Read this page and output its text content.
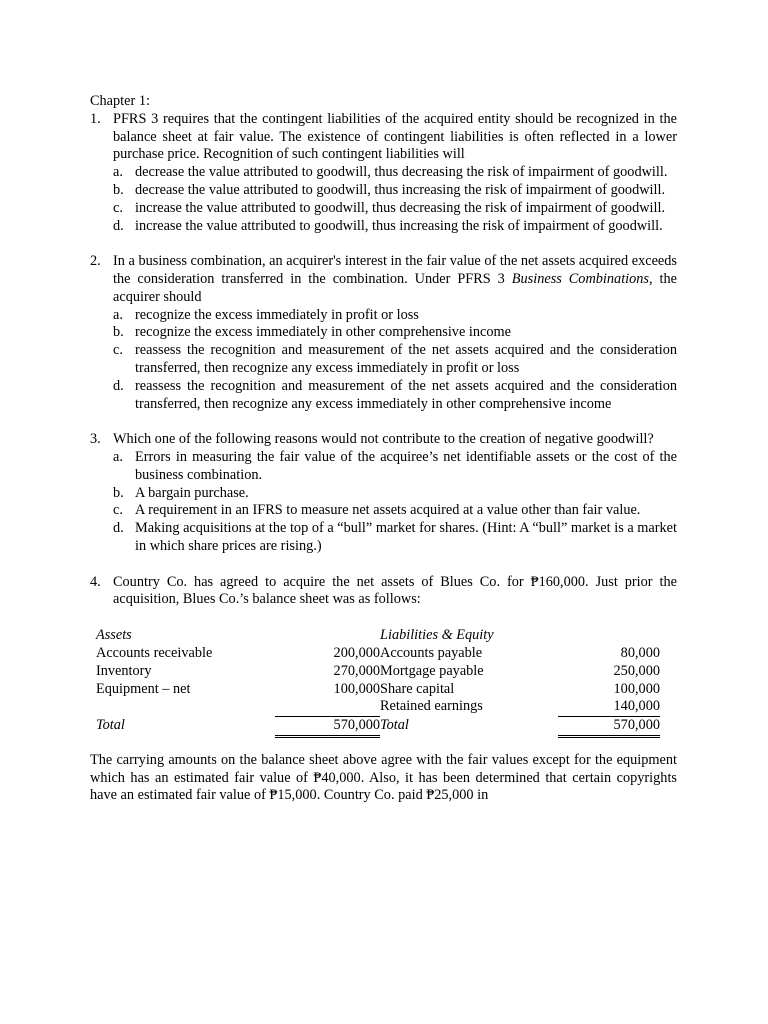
Chapter 1:

1. PFRS 3 requires that the contingent liabilities of the acquired entity should be recognized in the balance sheet at fair value. The existence of contingent liabilities is often reflected in a lower purchase price. Recognition of such contingent liabilities will
a. decrease the value attributed to goodwill, thus decreasing the risk of impairment of goodwill.
b. decrease the value attributed to goodwill, thus increasing the risk of impairment of goodwill.
c. increase the value attributed to goodwill, thus decreasing the risk of impairment of goodwill.
d. increase the value attributed to goodwill, thus increasing the risk of impairment of goodwill.
2. In a business combination, an acquirer's interest in the fair value of the net assets acquired exceeds the consideration transferred in the combination. Under PFRS 3 Business Combinations, the acquirer should
a. recognize the excess immediately in profit or loss
b. recognize the excess immediately in other comprehensive income
c. reassess the recognition and measurement of the net assets acquired and the consideration transferred, then recognize any excess immediately in profit or loss
d. reassess the recognition and measurement of the net assets acquired and the consideration transferred, then recognize any excess immediately in other comprehensive income
3. Which one of the following reasons would not contribute to the creation of negative goodwill?
a. Errors in measuring the fair value of the acquiree’s net identifiable assets or the cost of the business combination.
b. A bargain purchase.
c. A requirement in an IFRS to measure net assets acquired at a value other than fair value.
d. Making acquisitions at the top of a “bull” market for shares. (Hint: A “bull” market is a market in which share prices are rising.)
4. Country Co. has agreed to acquire the net assets of Blues Co. for ₱160,000. Just prior the acquisition, Blues Co.’s balance sheet was as follows:
Assets		Liabilities & Equity	
Accounts receivable	200,000	Accounts payable	80,000
Inventory	270,000	Mortgage payable	250,000
Equipment – net	100,000	Share capital	100,000
		Retained earnings	140,000
Total	570,000	Total	570,000

The carrying amounts on the balance sheet above agree with the fair values except for the equipment which has an estimated fair value of ₱40,000. Also, it has been determined that certain copyrights have an estimated fair value of ₱15,000. Country Co. paid ₱25,000 in
